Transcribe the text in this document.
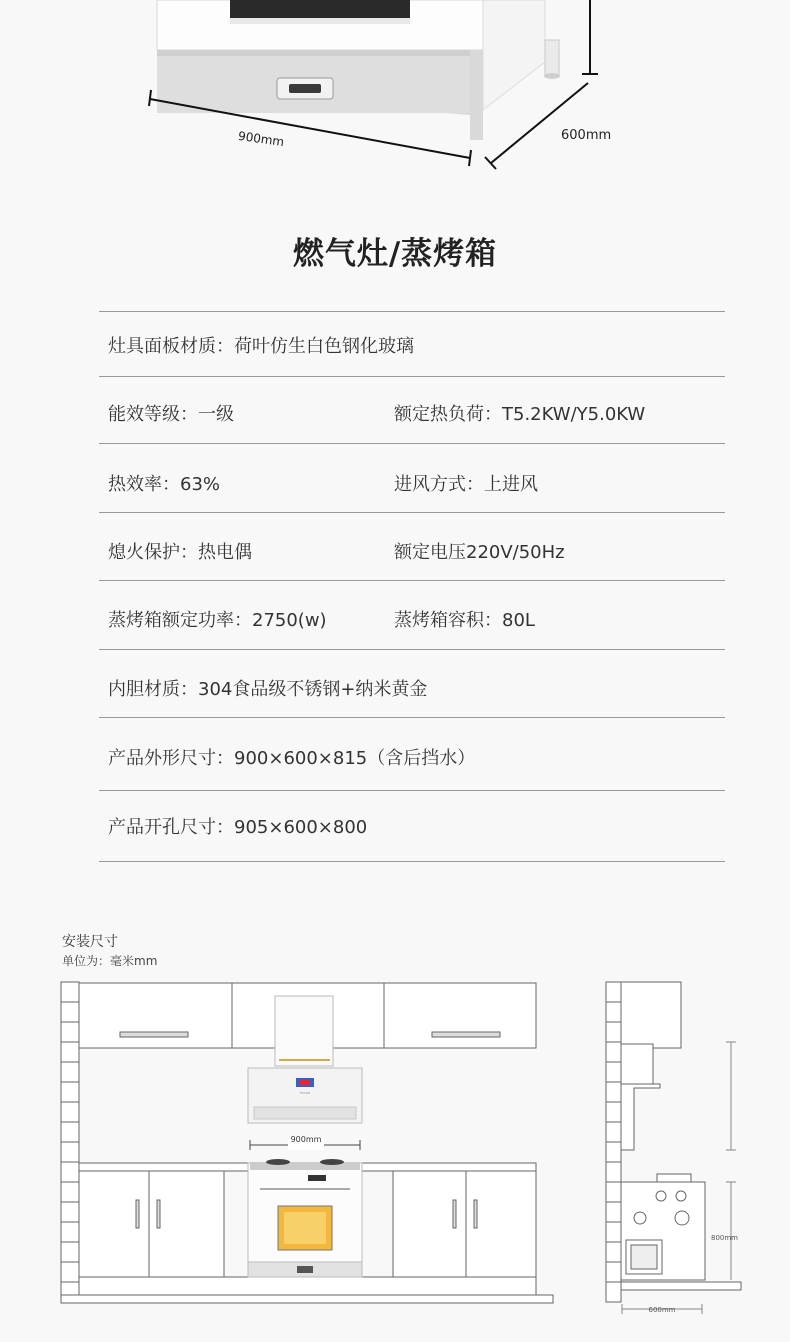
900mm	600mm
燃气灶/蒸烤箱
灶具面板材质：荷叶仿生白色钢化玻璃
能效等级：一级	额定热负荷：T5.2KW/Y5.0KW
热效率：63%	进风方式：上进风
熄火保护：热电偶	额定电压220V/50Hz
蒸烤箱额定功率：2750(w)	蒸烤箱容积：80L
内胆材质：304食品级不锈钢+纳米黄金
产品外形尺寸：900×600×815（含后挡水）
产品开孔尺寸：905×600×800
安装尺寸
单位为：毫米mm
FOTILE
900mm
800mm
600mm
